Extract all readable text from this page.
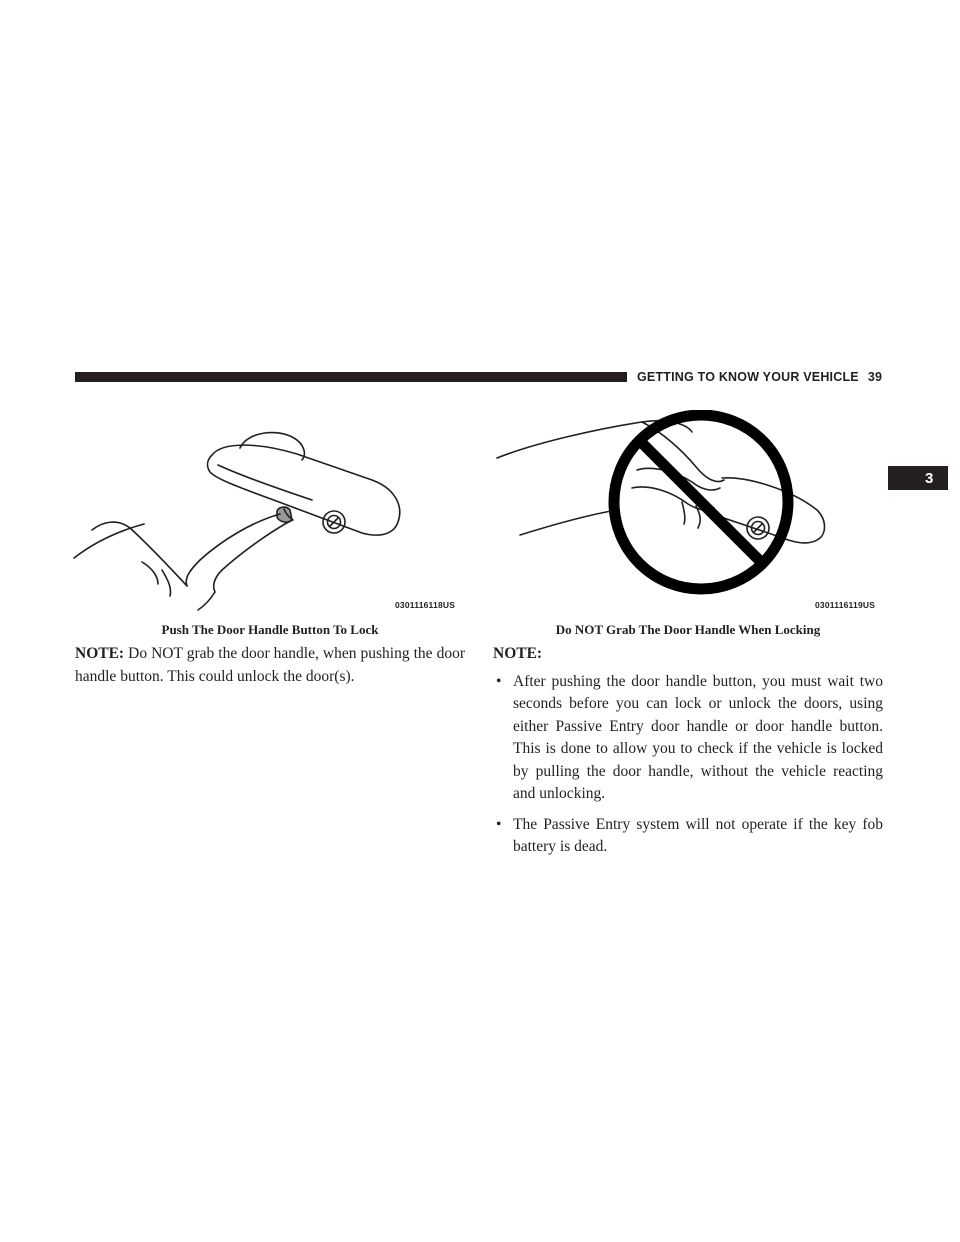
GETTING TO KNOW YOUR VEHICLE 39
3
0301116118US
Push The Door Handle Button To Lock
0301116119US
Do NOT Grab The Door Handle When Locking
NOTE: Do NOT grab the door handle, when pushing the door handle button. This could unlock the door(s).
NOTE:
• After pushing the door handle button, you must wait two seconds before you can lock or unlock the doors, using either Passive Entry door handle or door handle button. This is done to allow you to check if the vehicle is locked by pulling the door handle, without the vehicle reacting and unlocking.
• The Passive Entry system will not operate if the key fob battery is dead.
